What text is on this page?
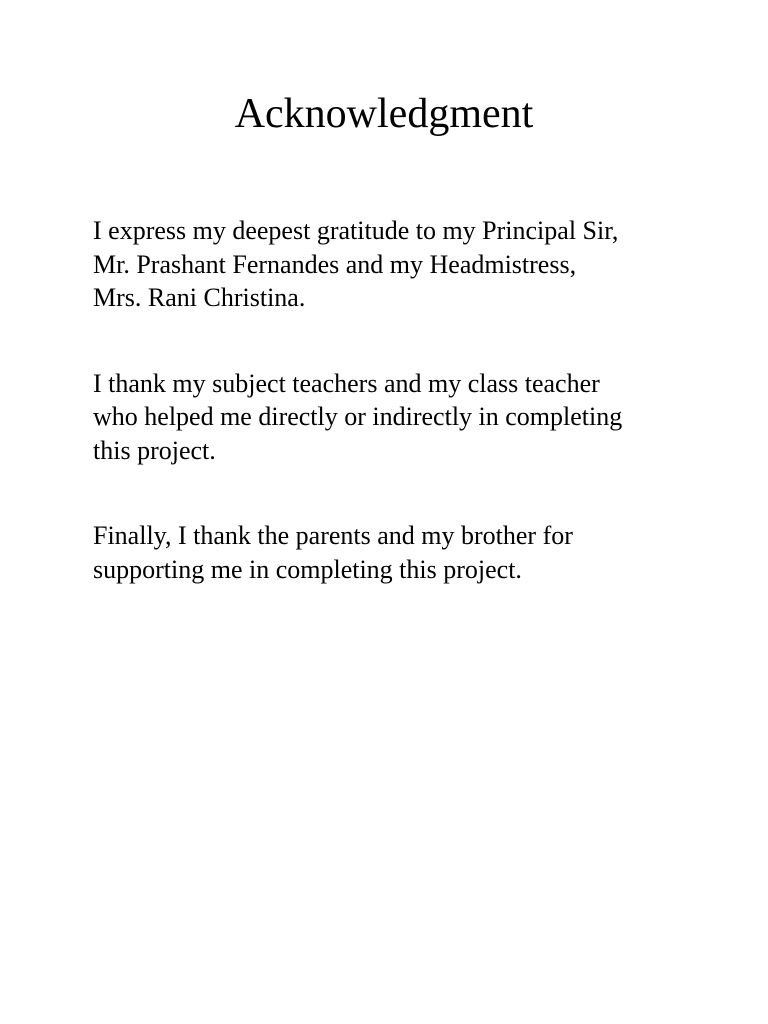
Acknowledgment

I express my deepest gratitude to my Principal Sir,
Mr. Prashant Fernandes and my Headmistress,
Mrs. Rani Christina.

I thank my subject teachers and my class teacher
who helped me directly or indirectly in completing
this project.

Finally, I thank the parents and my brother for
supporting me in completing this project.
